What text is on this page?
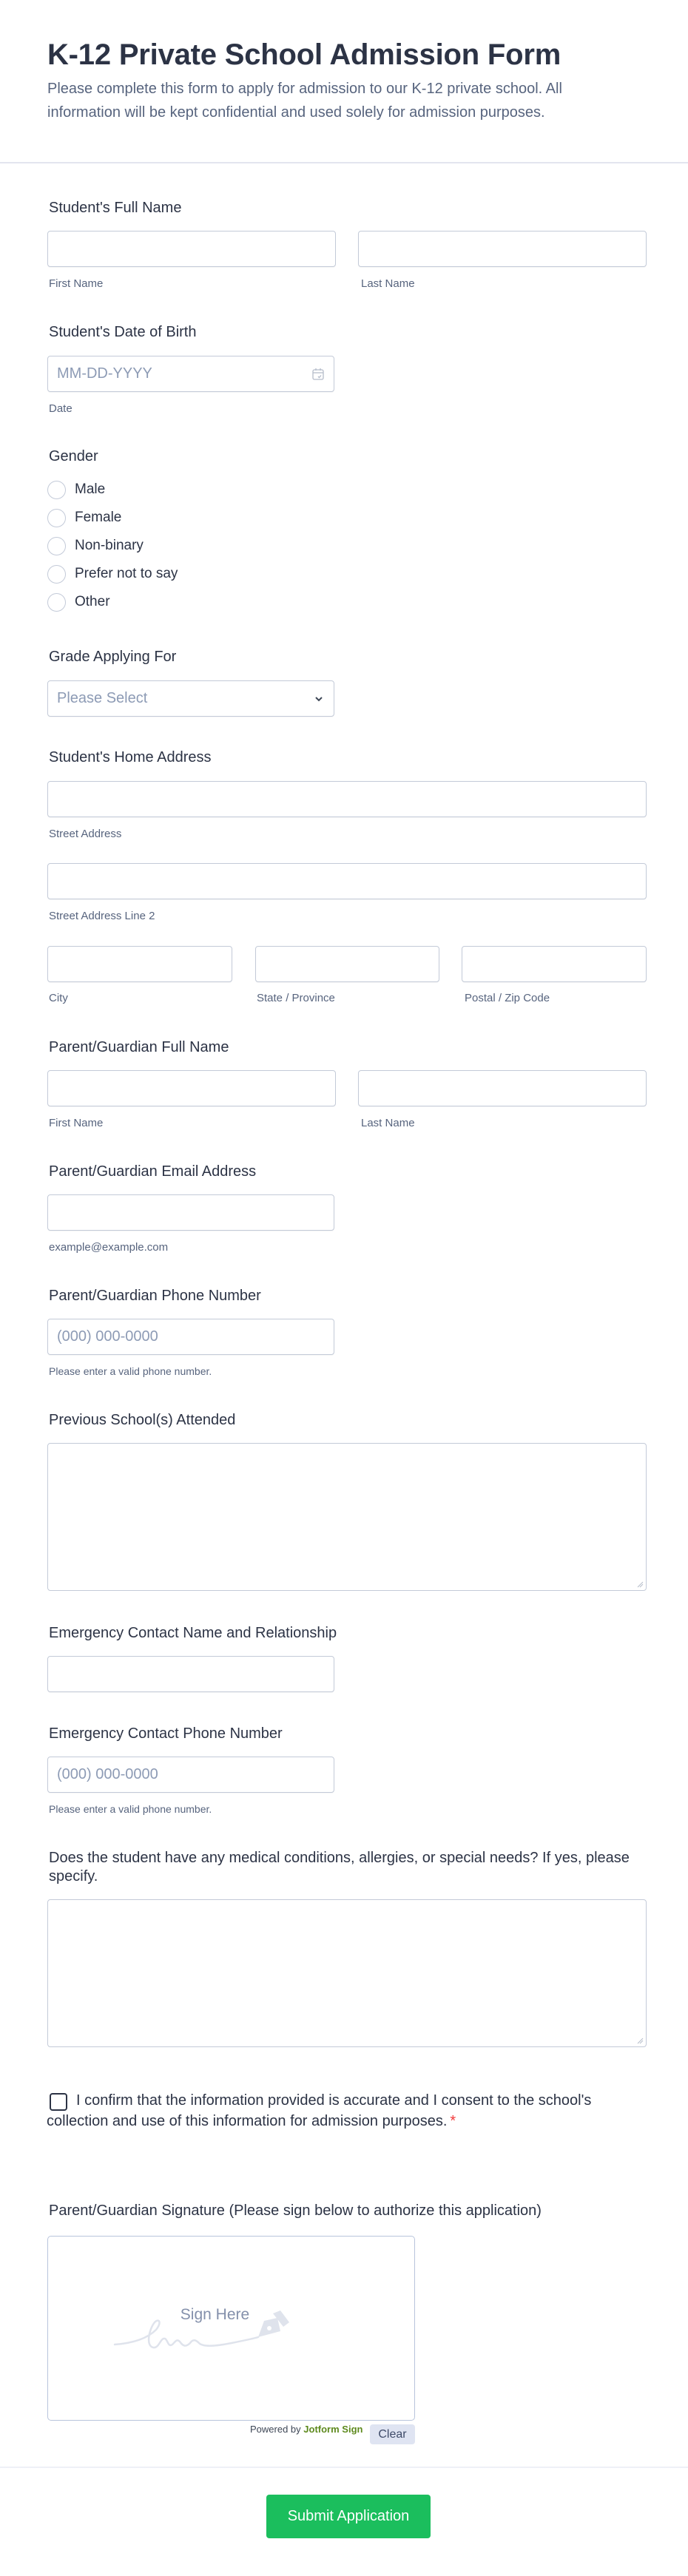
K-12 Private School Admission Form
Please complete this form to apply for admission to our K-12 private school. All information will be kept confidential and used solely for admission purposes.
Student's Full Name
First Name	Last Name
Student's Date of Birth
MM-DD-YYYY
Date
Gender
Male
Female
Non-binary
Prefer not to say
Other
Grade Applying For
Please Select
Student's Home Address
Street Address
Street Address Line 2
City	State / Province	Postal / Zip Code
Parent/Guardian Full Name
First Name	Last Name
Parent/Guardian Email Address
example@example.com
Parent/Guardian Phone Number
(000) 000-0000
Please enter a valid phone number.
Previous School(s) Attended
Emergency Contact Name and Relationship
Emergency Contact Phone Number
(000) 000-0000
Please enter a valid phone number.
Does the student have any medical conditions, allergies, or special needs? If yes, please specify.
I confirm that the information provided is accurate and I consent to the school's collection and use of this information for admission purposes. *
Parent/Guardian Signature (Please sign below to authorize this application)
Sign Here
Powered by Jotform Sign	Clear
Submit Application
